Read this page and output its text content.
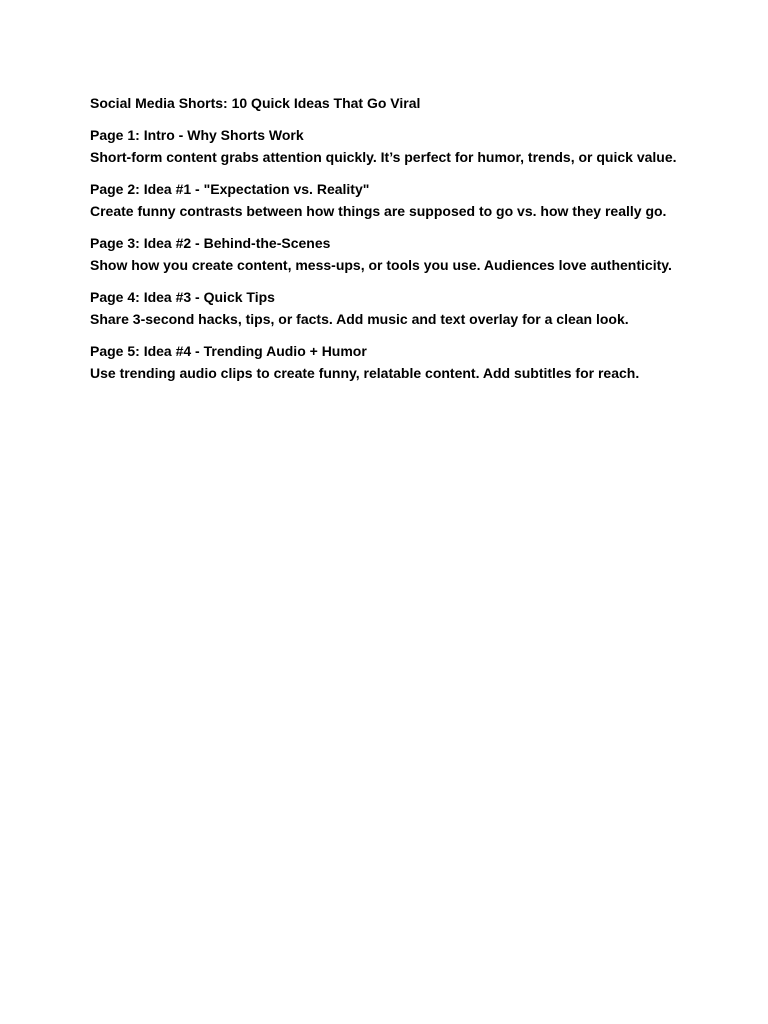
Social Media Shorts: 10 Quick Ideas That Go Viral
Page 1: Intro - Why Shorts Work
Short-form content grabs attention quickly. It’s perfect for humor, trends, or quick value.
Page 2: Idea #1 - "Expectation vs. Reality"
Create funny contrasts between how things are supposed to go vs. how they really go.
Page 3: Idea #2 - Behind-the-Scenes
Show how you create content, mess-ups, or tools you use. Audiences love authenticity.
Page 4: Idea #3 - Quick Tips
Share 3-second hacks, tips, or facts. Add music and text overlay for a clean look.
Page 5: Idea #4 - Trending Audio + Humor
Use trending audio clips to create funny, relatable content. Add subtitles for reach.
